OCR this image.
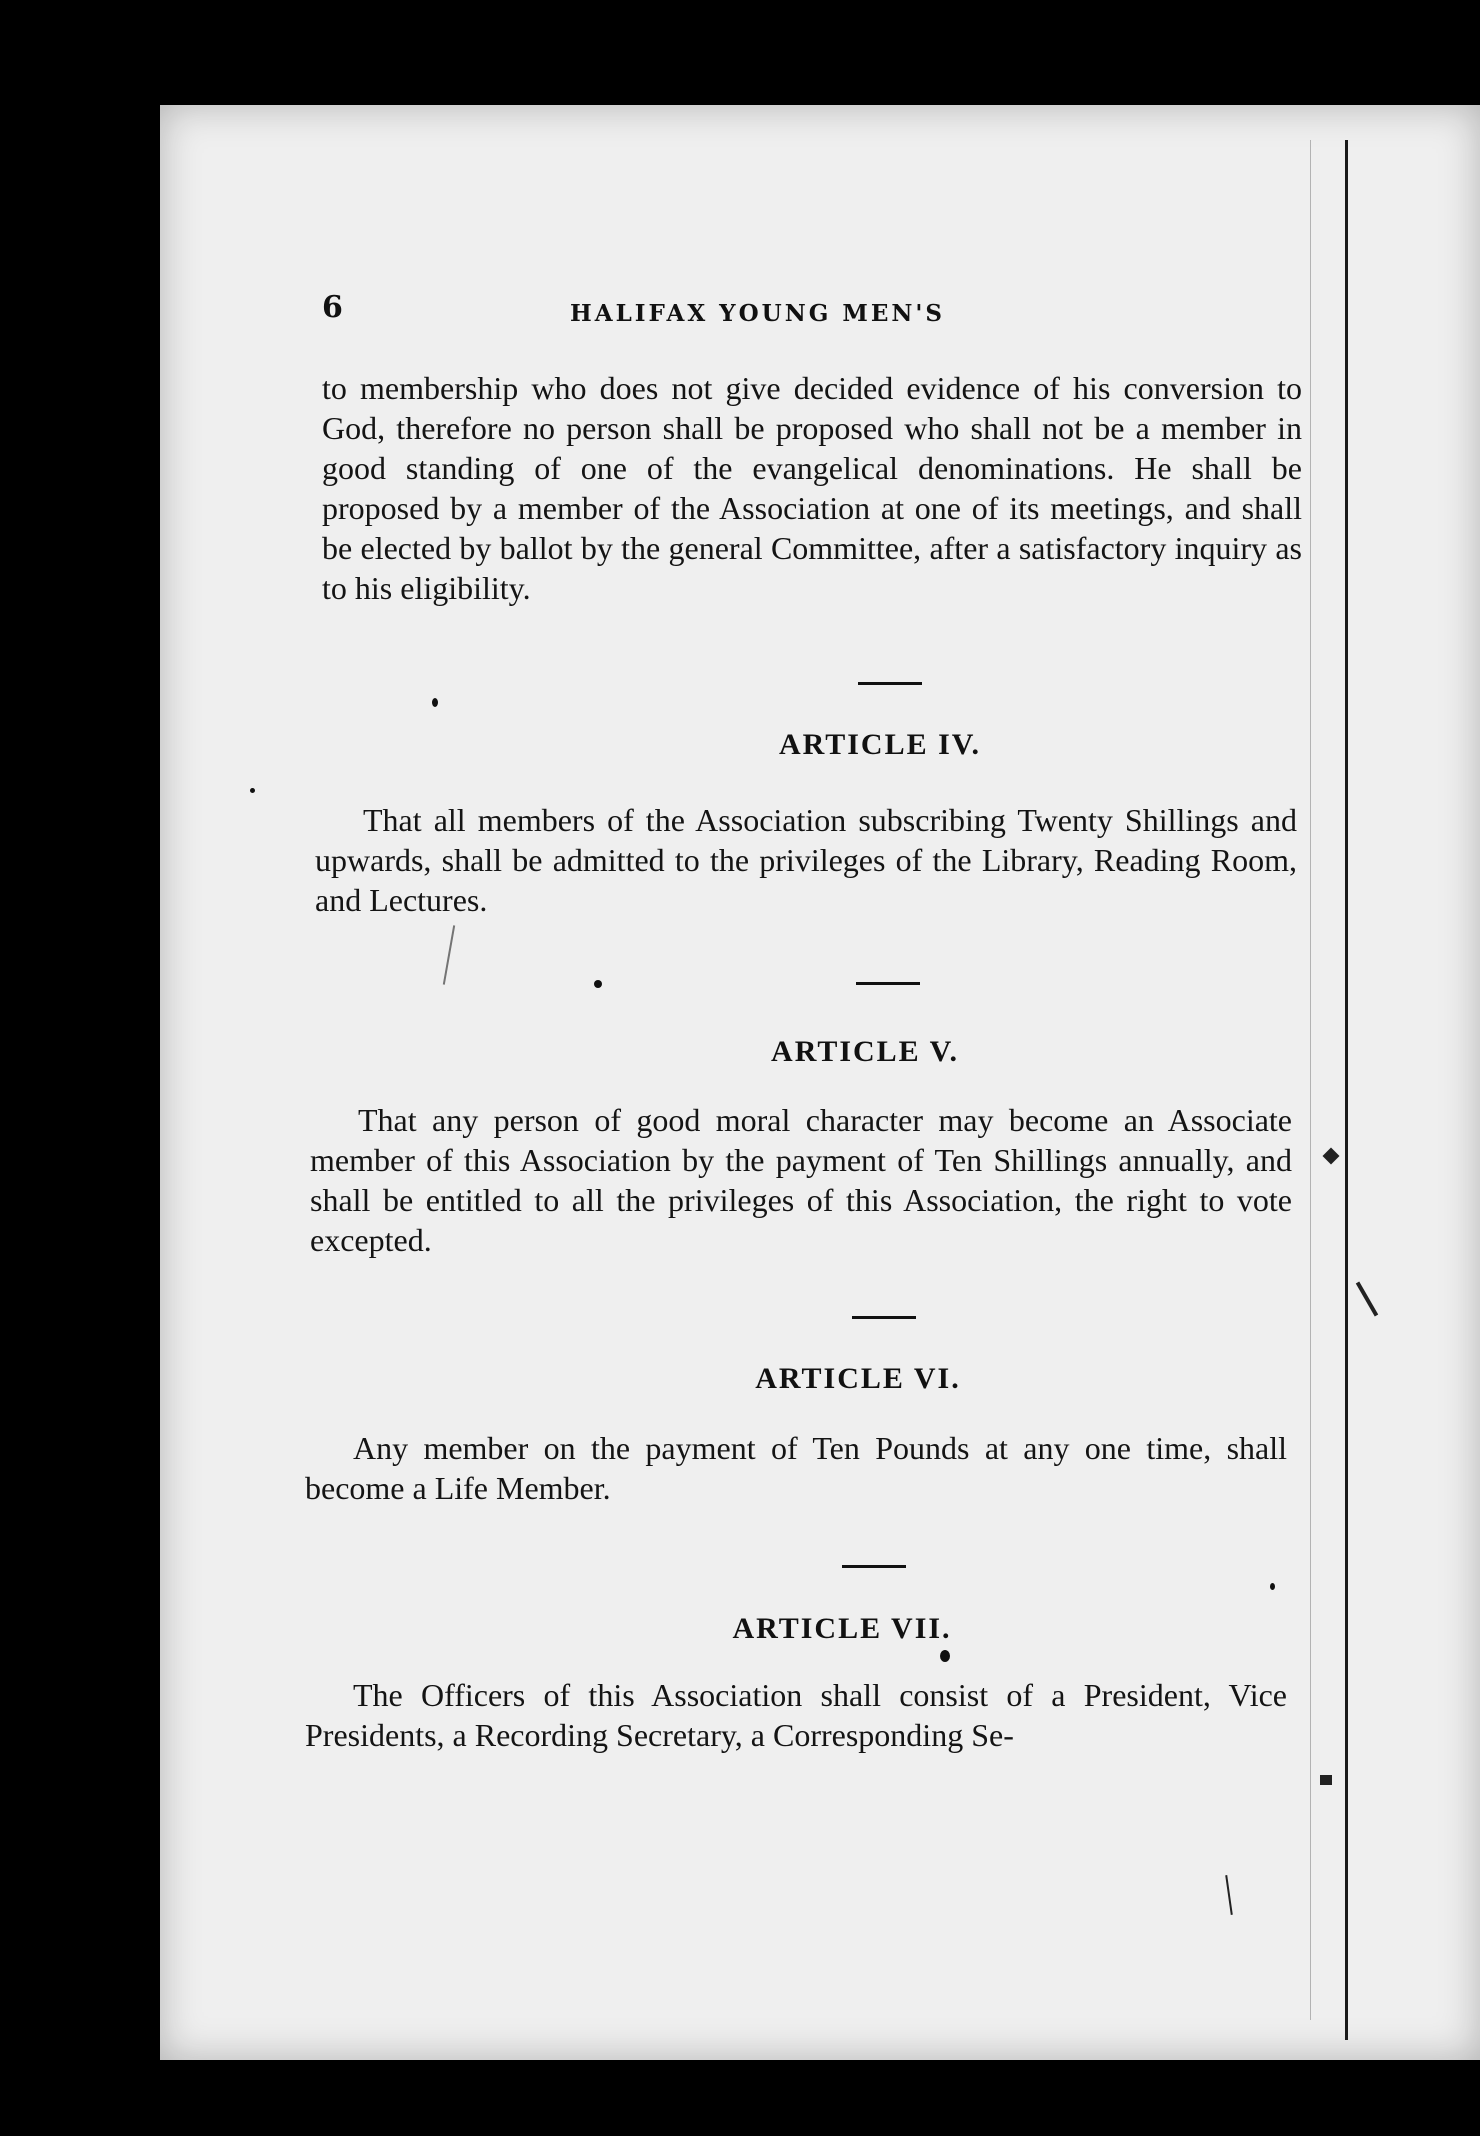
6	HALIFAX YOUNG MEN'S

to membership who does not give decided evidence of his conversion to God, therefore no person shall be proposed who shall not be a member in good standing of one of the evangelical denominations. He shall be proposed by a member of the Association at one of its meetings, and shall be elected by ballot by the general Committee, after a satisfactory inquiry as to his eligibility.

ARTICLE IV.

That all members of the Association subscribing Twenty Shillings and upwards, shall be admitted to the privileges of the Library, Reading Room, and Lectures.

ARTICLE V.

That any person of good moral character may become an Associate member of this Association by the payment of Ten Shillings annually, and shall be entitled to all the privileges of this Association, the right to vote excepted.

ARTICLE VI.

Any member on the payment of Ten Pounds at any one time, shall become a Life Member.

ARTICLE VII.

The Officers of this Association shall consist of a President, Vice Presidents, a Recording Secretary, a Corresponding Se-
